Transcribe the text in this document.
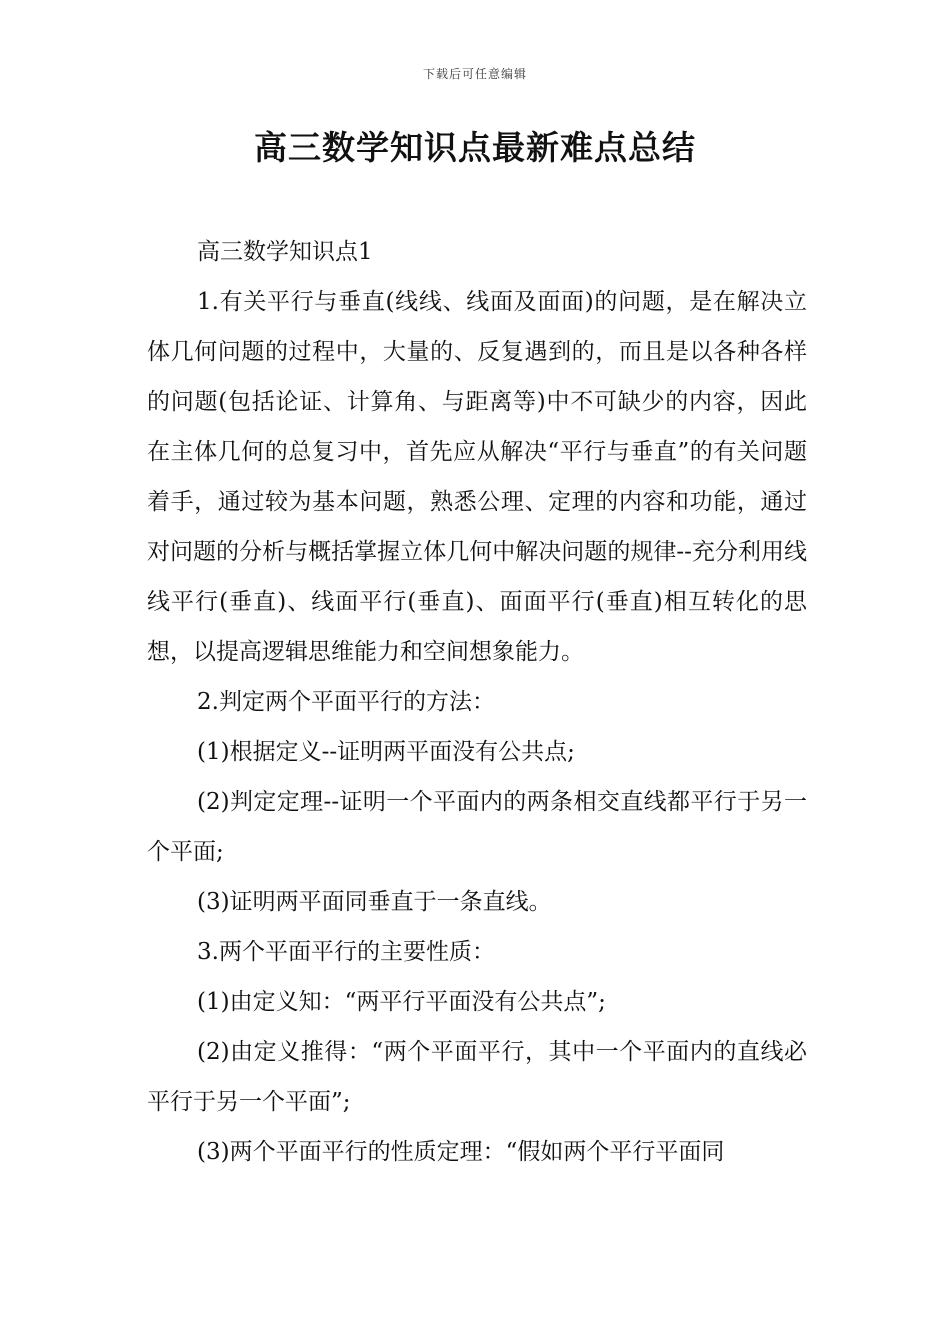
下载后可任意编辑
高三数学知识点最新难点总结

高三数学知识点1

1.有关平行与垂直(线线、线面及面面)的问题，是在解决立体几何问题的过程中，大量的、反复遇到的，而且是以各种各样的问题(包括论证、计算角、与距离等)中不可缺少的内容，因此在主体几何的总复习中，首先应从解决“平行与垂直”的有关问题着手，通过较为基本问题，熟悉公理、定理的内容和功能，通过对问题的分析与概括掌握立体几何中解决问题的规律--充分利用线线平行(垂直)、线面平行(垂直)、面面平行(垂直)相互转化的思想，以提高逻辑思维能力和空间想象能力。

2.判定两个平面平行的方法：

(1)根据定义--证明两平面没有公共点;

(2)判定定理--证明一个平面内的两条相交直线都平行于另一个平面;

(3)证明两平面同垂直于一条直线。

3.两个平面平行的主要性质：

(1)由定义知：“两平行平面没有公共点”;

(2)由定义推得：“两个平面平行，其中一个平面内的直线必平行于另一个平面”;

(3)两个平面平行的性质定理：“假如两个平行平面同
